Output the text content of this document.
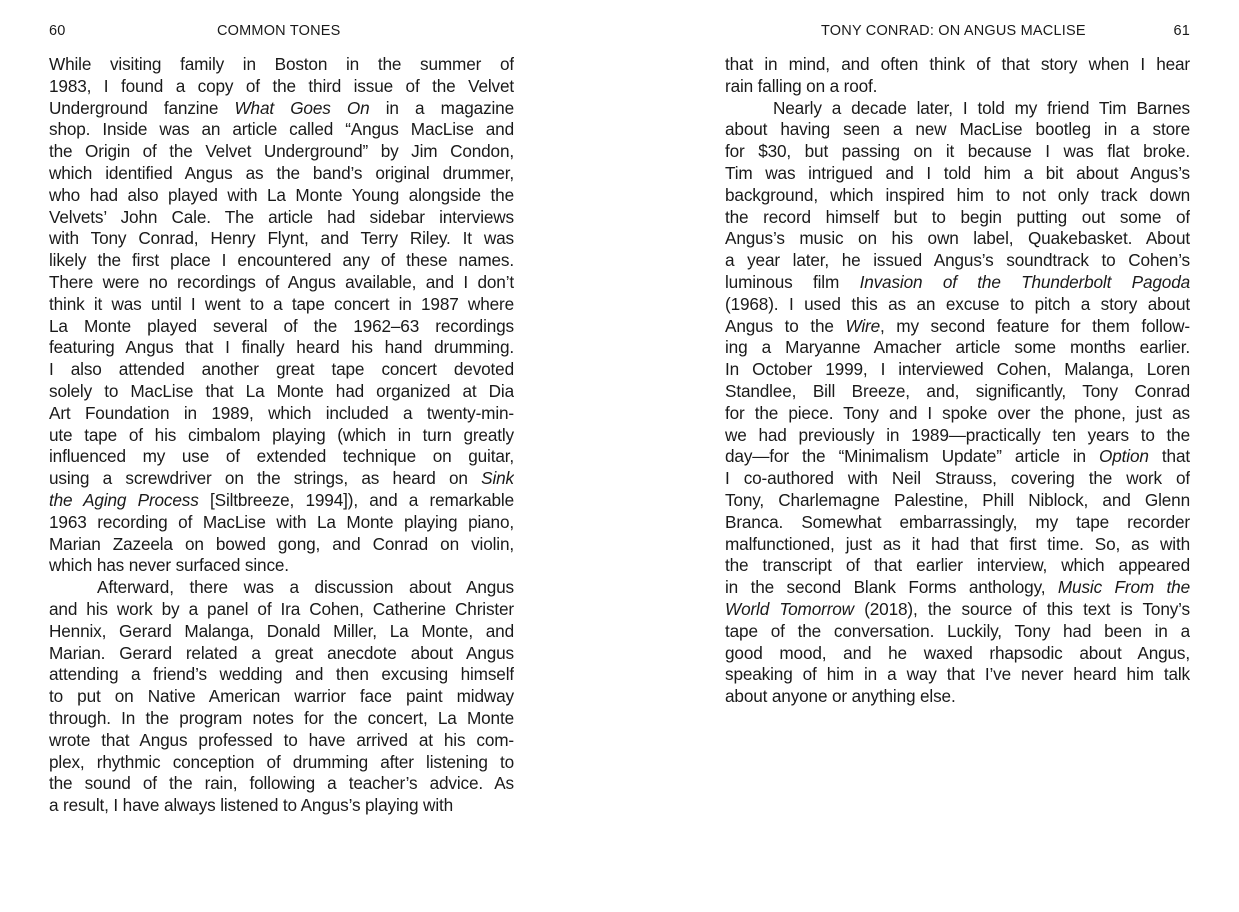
60	COMMON TONES
While visiting family in Boston in the summer of
1983, I found a copy of the third issue of the Velvet
Underground fanzine What Goes On in a magazine
shop. Inside was an article called “Angus MacLise and
the Origin of the Velvet Underground” by Jim Condon,
which identified Angus as the band’s original drummer,
who had also played with La Monte Young alongside the
Velvets’ John Cale. The article had sidebar interviews
with Tony Conrad, Henry Flynt, and Terry Riley. It was
likely the first place I encountered any of these names.
There were no recordings of Angus available, and I don’t
think it was until I went to a tape concert in 1987 where
La Monte played several of the 1962–63 recordings
featuring Angus that I finally heard his hand drumming.
I also attended another great tape concert devoted
solely to MacLise that La Monte had organized at Dia
Art Foundation in 1989, which included a twenty-min-
ute tape of his cimbalom playing (which in turn greatly
influenced my use of extended technique on guitar,
using a screwdriver on the strings, as heard on Sink
the Aging Process [Siltbreeze, 1994]), and a remarkable
1963 recording of MacLise with La Monte playing piano,
Marian Zazeela on bowed gong, and Conrad on violin,
which has never surfaced since.
Afterward, there was a discussion about Angus
and his work by a panel of Ira Cohen, Catherine Christer
Hennix, Gerard Malanga, Donald Miller, La Monte, and
Marian. Gerard related a great anecdote about Angus
attending a friend’s wedding and then excusing himself
to put on Native American warrior face paint midway
through. In the program notes for the concert, La Monte
wrote that Angus professed to have arrived at his com-
plex, rhythmic conception of drumming after listening to
the sound of the rain, following a teacher’s advice. As
a result, I have always listened to Angus’s playing with
TONY CONRAD: ON ANGUS MACLISE	61
that in mind, and often think of that story when I hear
rain falling on a roof.
Nearly a decade later, I told my friend Tim Barnes
about having seen a new MacLise bootleg in a store
for $30, but passing on it because I was flat broke.
Tim was intrigued and I told him a bit about Angus’s
background, which inspired him to not only track down
the record himself but to begin putting out some of
Angus’s music on his own label, Quakebasket. About
a year later, he issued Angus’s soundtrack to Cohen’s
luminous film Invasion of the Thunderbolt Pagoda
(1968). I used this as an excuse to pitch a story about
Angus to the Wire, my second feature for them follow-
ing a Maryanne Amacher article some months earlier.
In October 1999, I interviewed Cohen, Malanga, Loren
Standlee, Bill Breeze, and, significantly, Tony Conrad
for the piece. Tony and I spoke over the phone, just as
we had previously in 1989—practically ten years to the
day—for the “Minimalism Update” article in Option that
I co-authored with Neil Strauss, covering the work of
Tony, Charlemagne Palestine, Phill Niblock, and Glenn
Branca. Somewhat embarrassingly, my tape recorder
malfunctioned, just as it had that first time. So, as with
the transcript of that earlier interview, which appeared
in the second Blank Forms anthology, Music From the
World Tomorrow (2018), the source of this text is Tony’s
tape of the conversation. Luckily, Tony had been in a
good mood, and he waxed rhapsodic about Angus,
speaking of him in a way that I’ve never heard him talk
about anyone or anything else.
